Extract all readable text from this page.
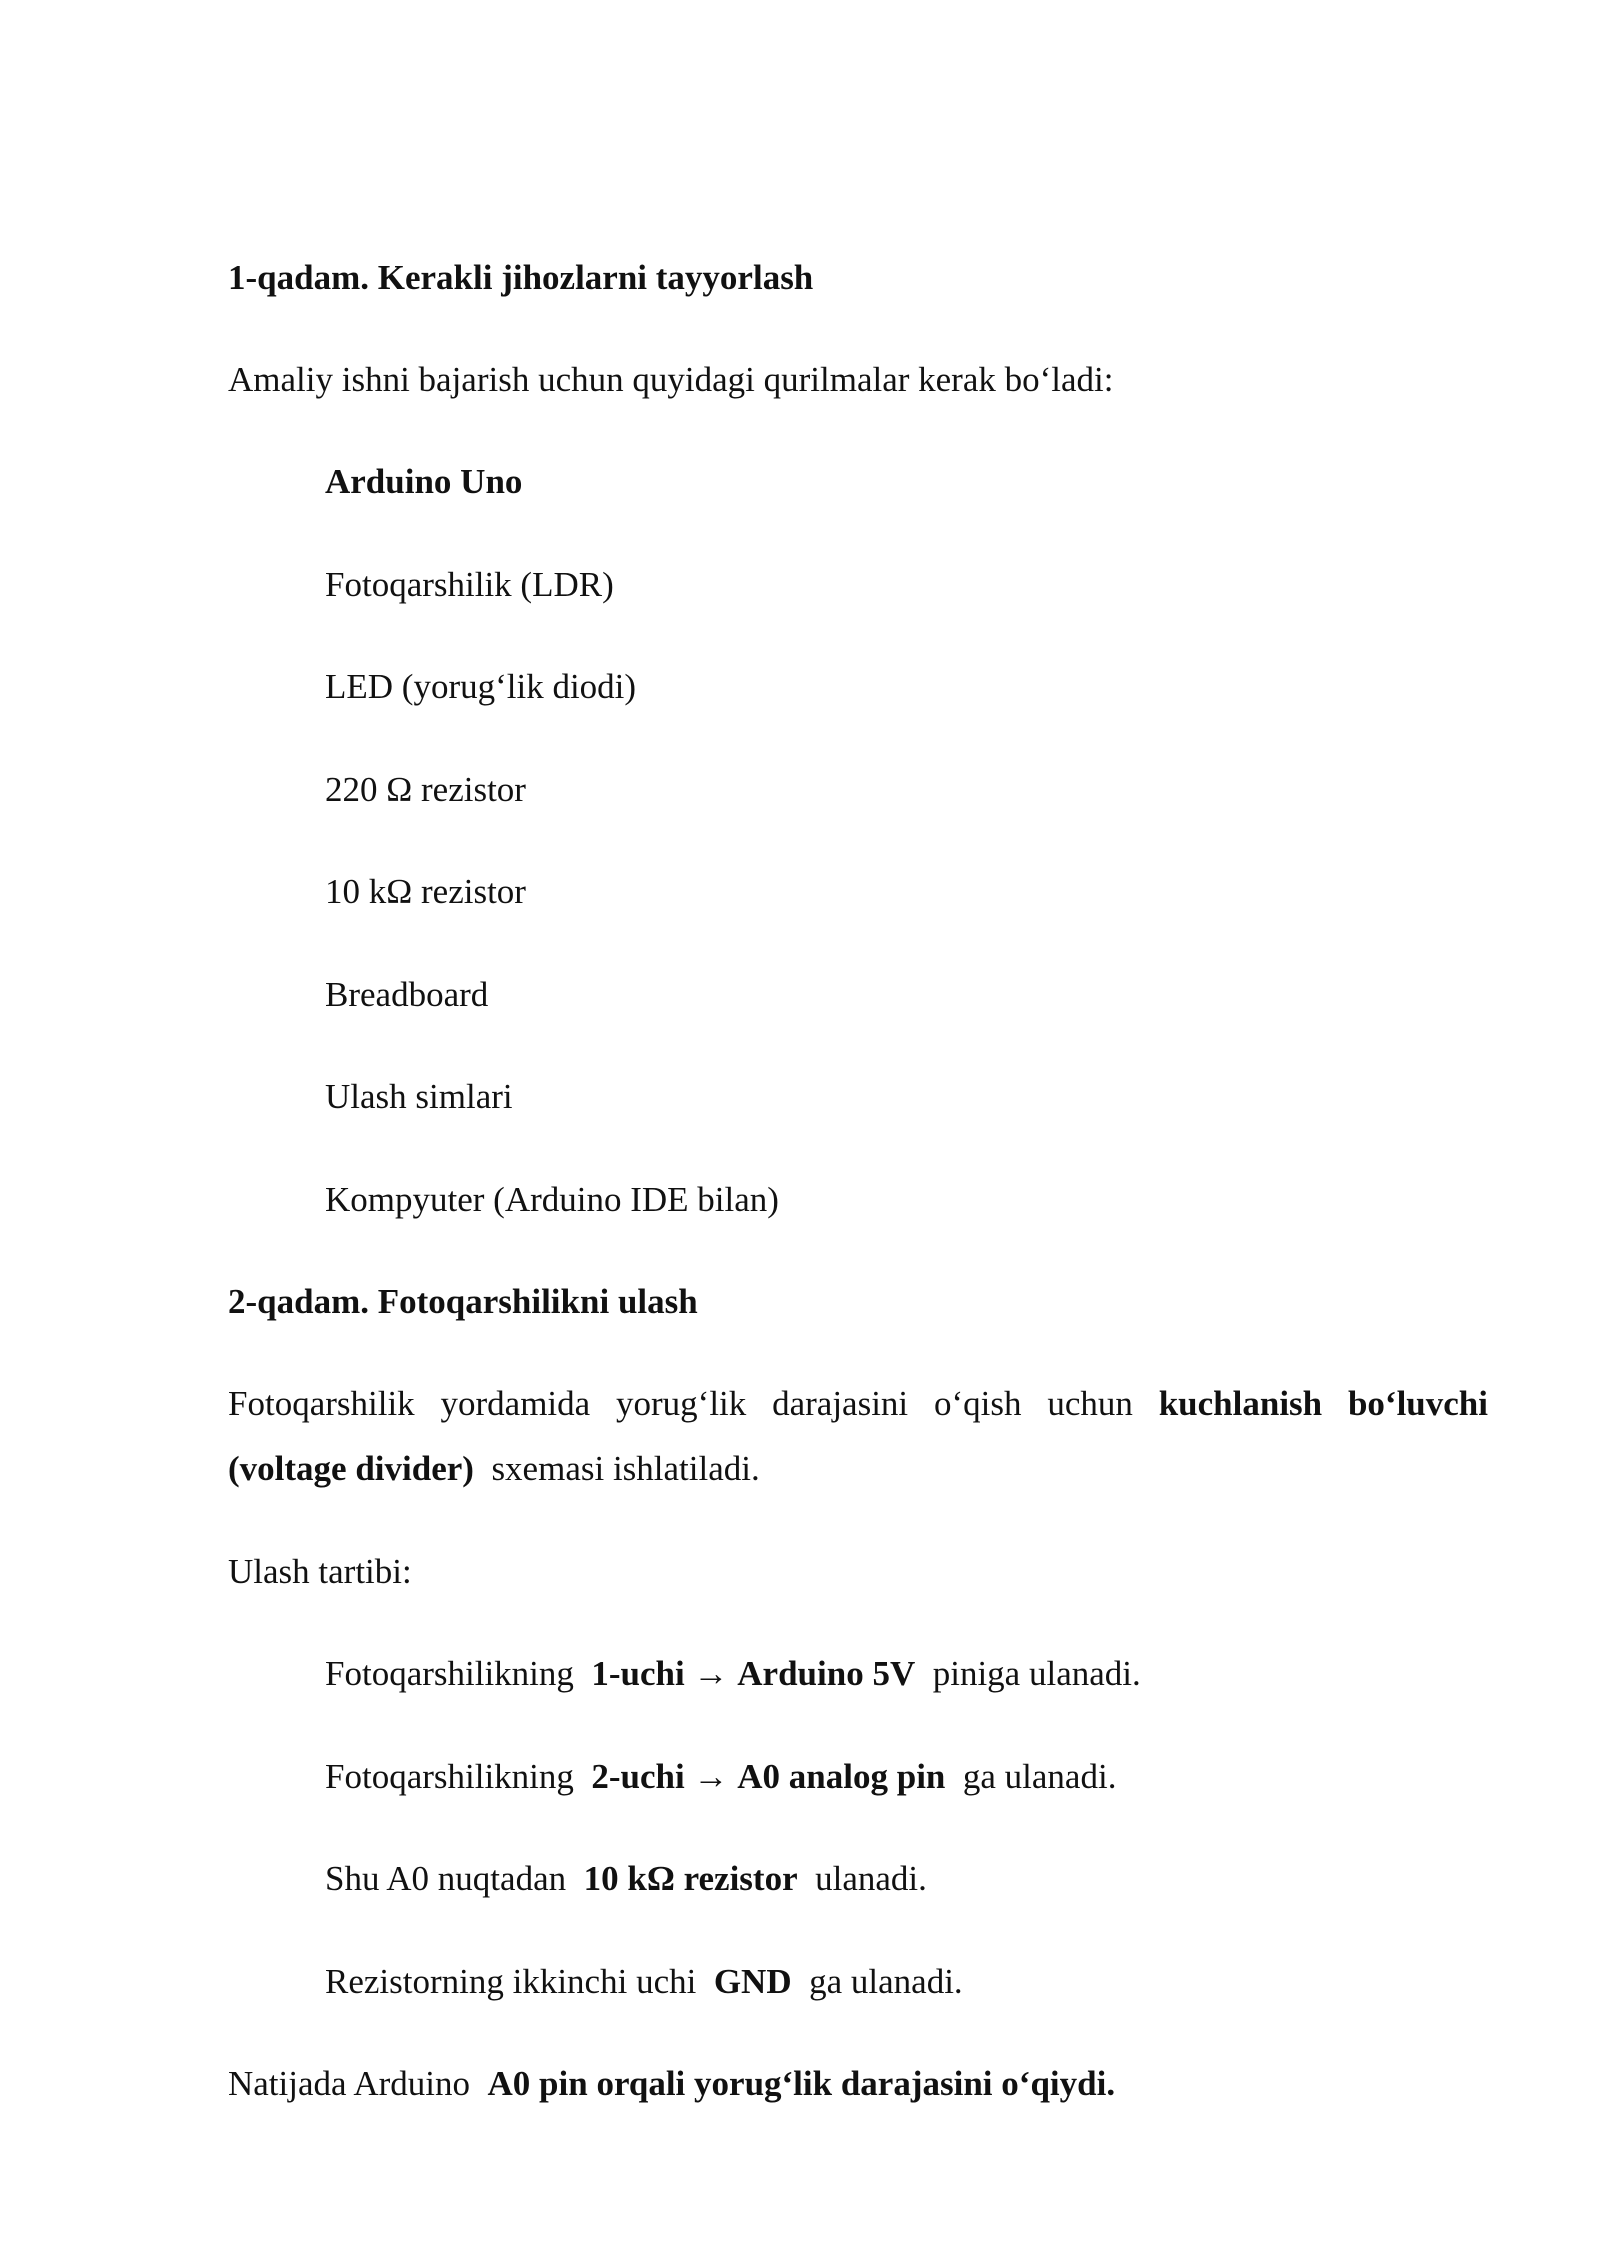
1-qadam. Kerakli jihozlarni tayyorlash
Amaliy ishni bajarish uchun quyidagi qurilmalar kerak bo‘ladi:
Arduino Uno
Fotoqarshilik (LDR)
LED (yorug‘lik diodi)
220 Ω rezistor
10 kΩ rezistor
Breadboard
Ulash simlari
Kompyuter (Arduino IDE bilan)
2-qadam. Fotoqarshilikni ulash
Fotoqarshilik yordamida yorug‘lik darajasini o‘qish uchun kuchlanish bo‘luvchi
(voltage divider) sxemasi ishlatiladi.
Ulash tartibi:
Fotoqarshilikning 1-uchi → Arduino 5V piniga ulanadi.
Fotoqarshilikning 2-uchi → A0 analog pin ga ulanadi.
Shu A0 nuqtadan 10 kΩ rezistor ulanadi.
Rezistorning ikkinchi uchi GND ga ulanadi.
Natijada Arduino A0 pin orqali yorug‘lik darajasini o‘qiydi.
